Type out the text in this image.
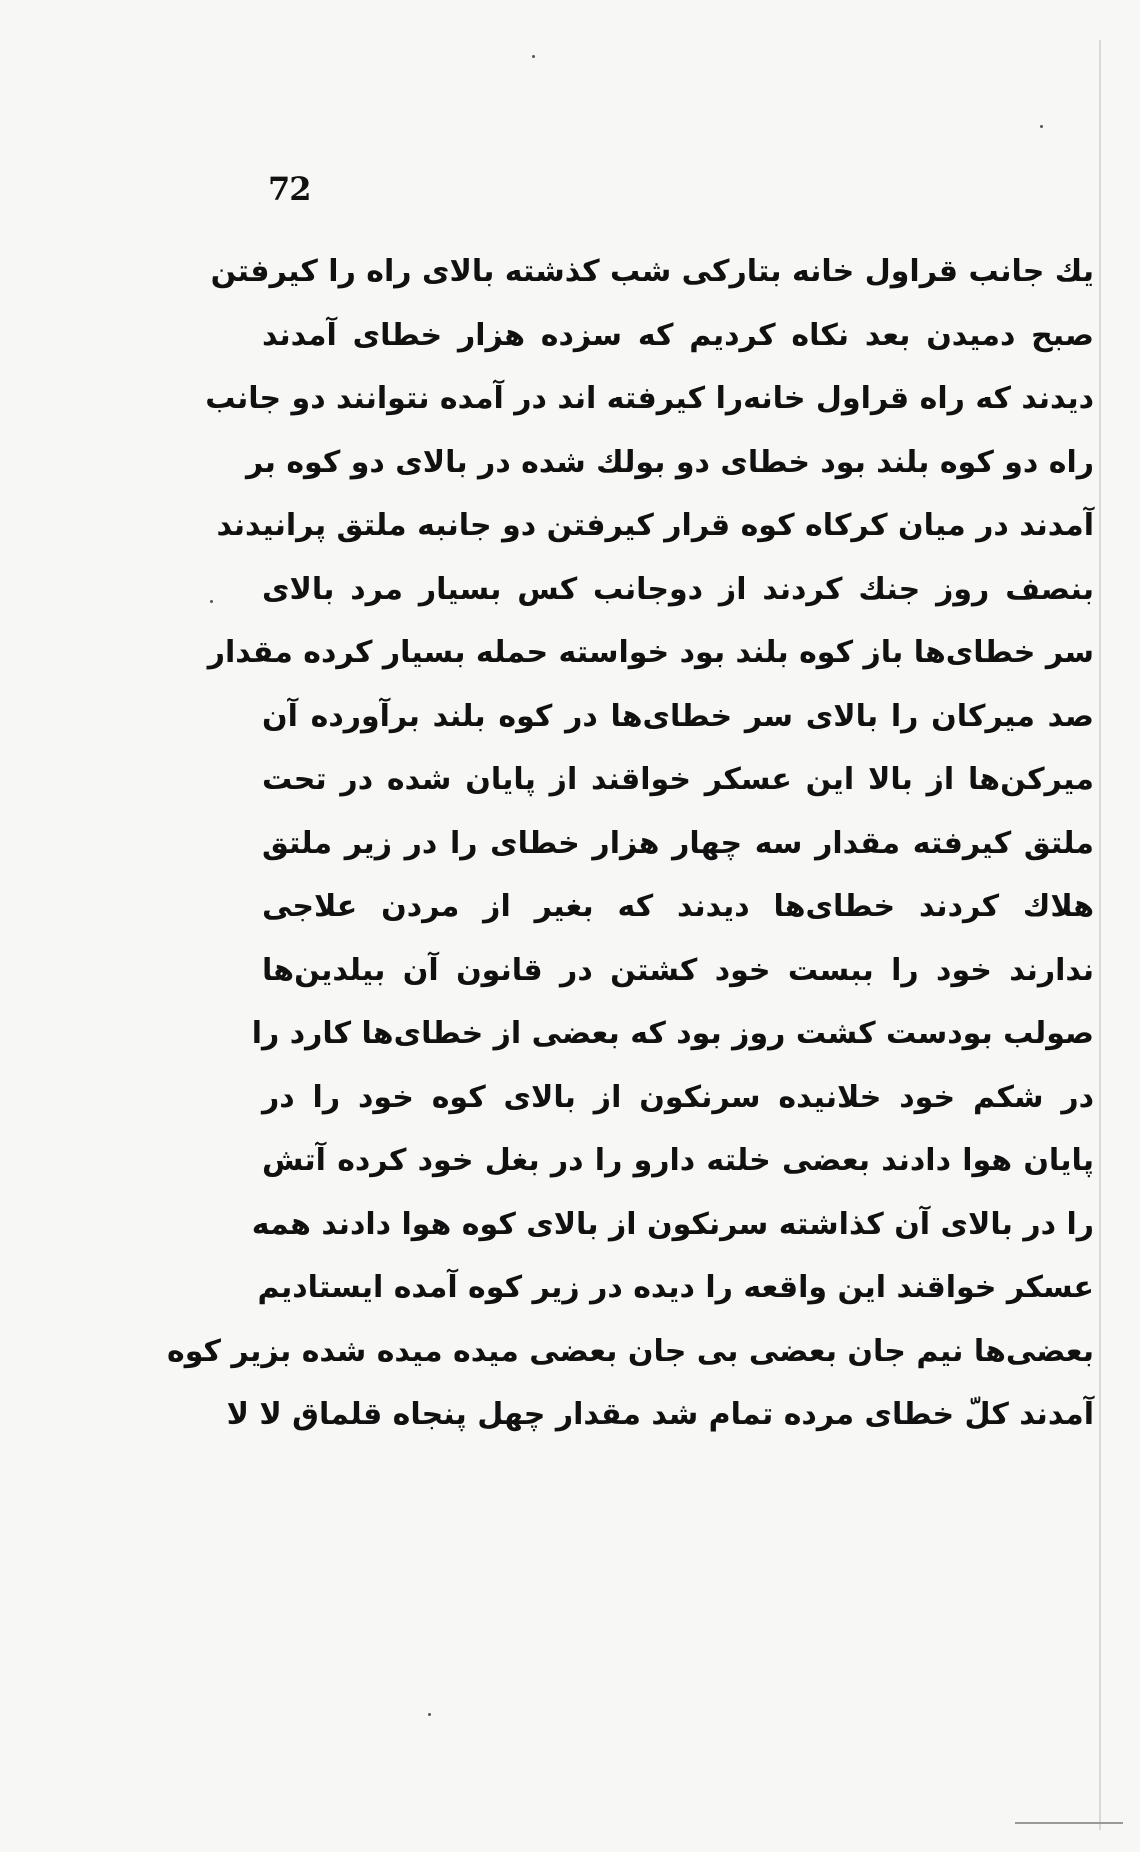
72
یك جانب قراول خانه بتارکی شب کذشته بالای راه را کیرفتن
صبح دمیدن بعد نکاه کردیم که سزده هزار خطای آمدند
دیدند که راه قراول خانه‌را کیرفته اند در آمده نتوانند دو جانب
راه دو کوه بلند بود خطای دو بولك شده در بالای دو کوه بر
آمدند در میان کرکاه کوه قرار کیرفتن دو جانبه ملتق پرانیدند
بنصف روز جنك کردند از دوجانب کس بسیار مرد بالای
سر خطای‌ها باز کوه بلند بود خواسته حمله بسیار کرده مقدار
صد میرکان را بالای سر خطای‌ها در کوه بلند برآورده آن
میرکن‌ها از بالا این عسکر خواقند از پایان شده در تحت
ملتق کیرفته مقدار سه چهار هزار خطای را در زیر ملتق
هلاك کردند خطای‌ها دیدند که بغیر از مردن علاجی
ندارند خود را ببست خود کشتن در قانون آن بیلدین‌ها
صولب بودست کشت روز بود که بعضی از خطای‌ها کارد را
در شکم خود خلانیده سرنکون از بالای کوه خود را در
پایان هوا دادند بعضی خلته دارو را در بغل خود کرده آتش
را در بالای آن کذاشته سرنکون از بالای کوه هوا دادند همه
عسکر خواقند این واقعه را دیده در زیر کوه آمده ایستادیم
بعضی‌ها نیم جان بعضی بی جان بعضی میده میده شده بزیر کوه
آمدند کلّ خطای مرده تمام شد مقدار چهل پنجاه قلماق لا لا
